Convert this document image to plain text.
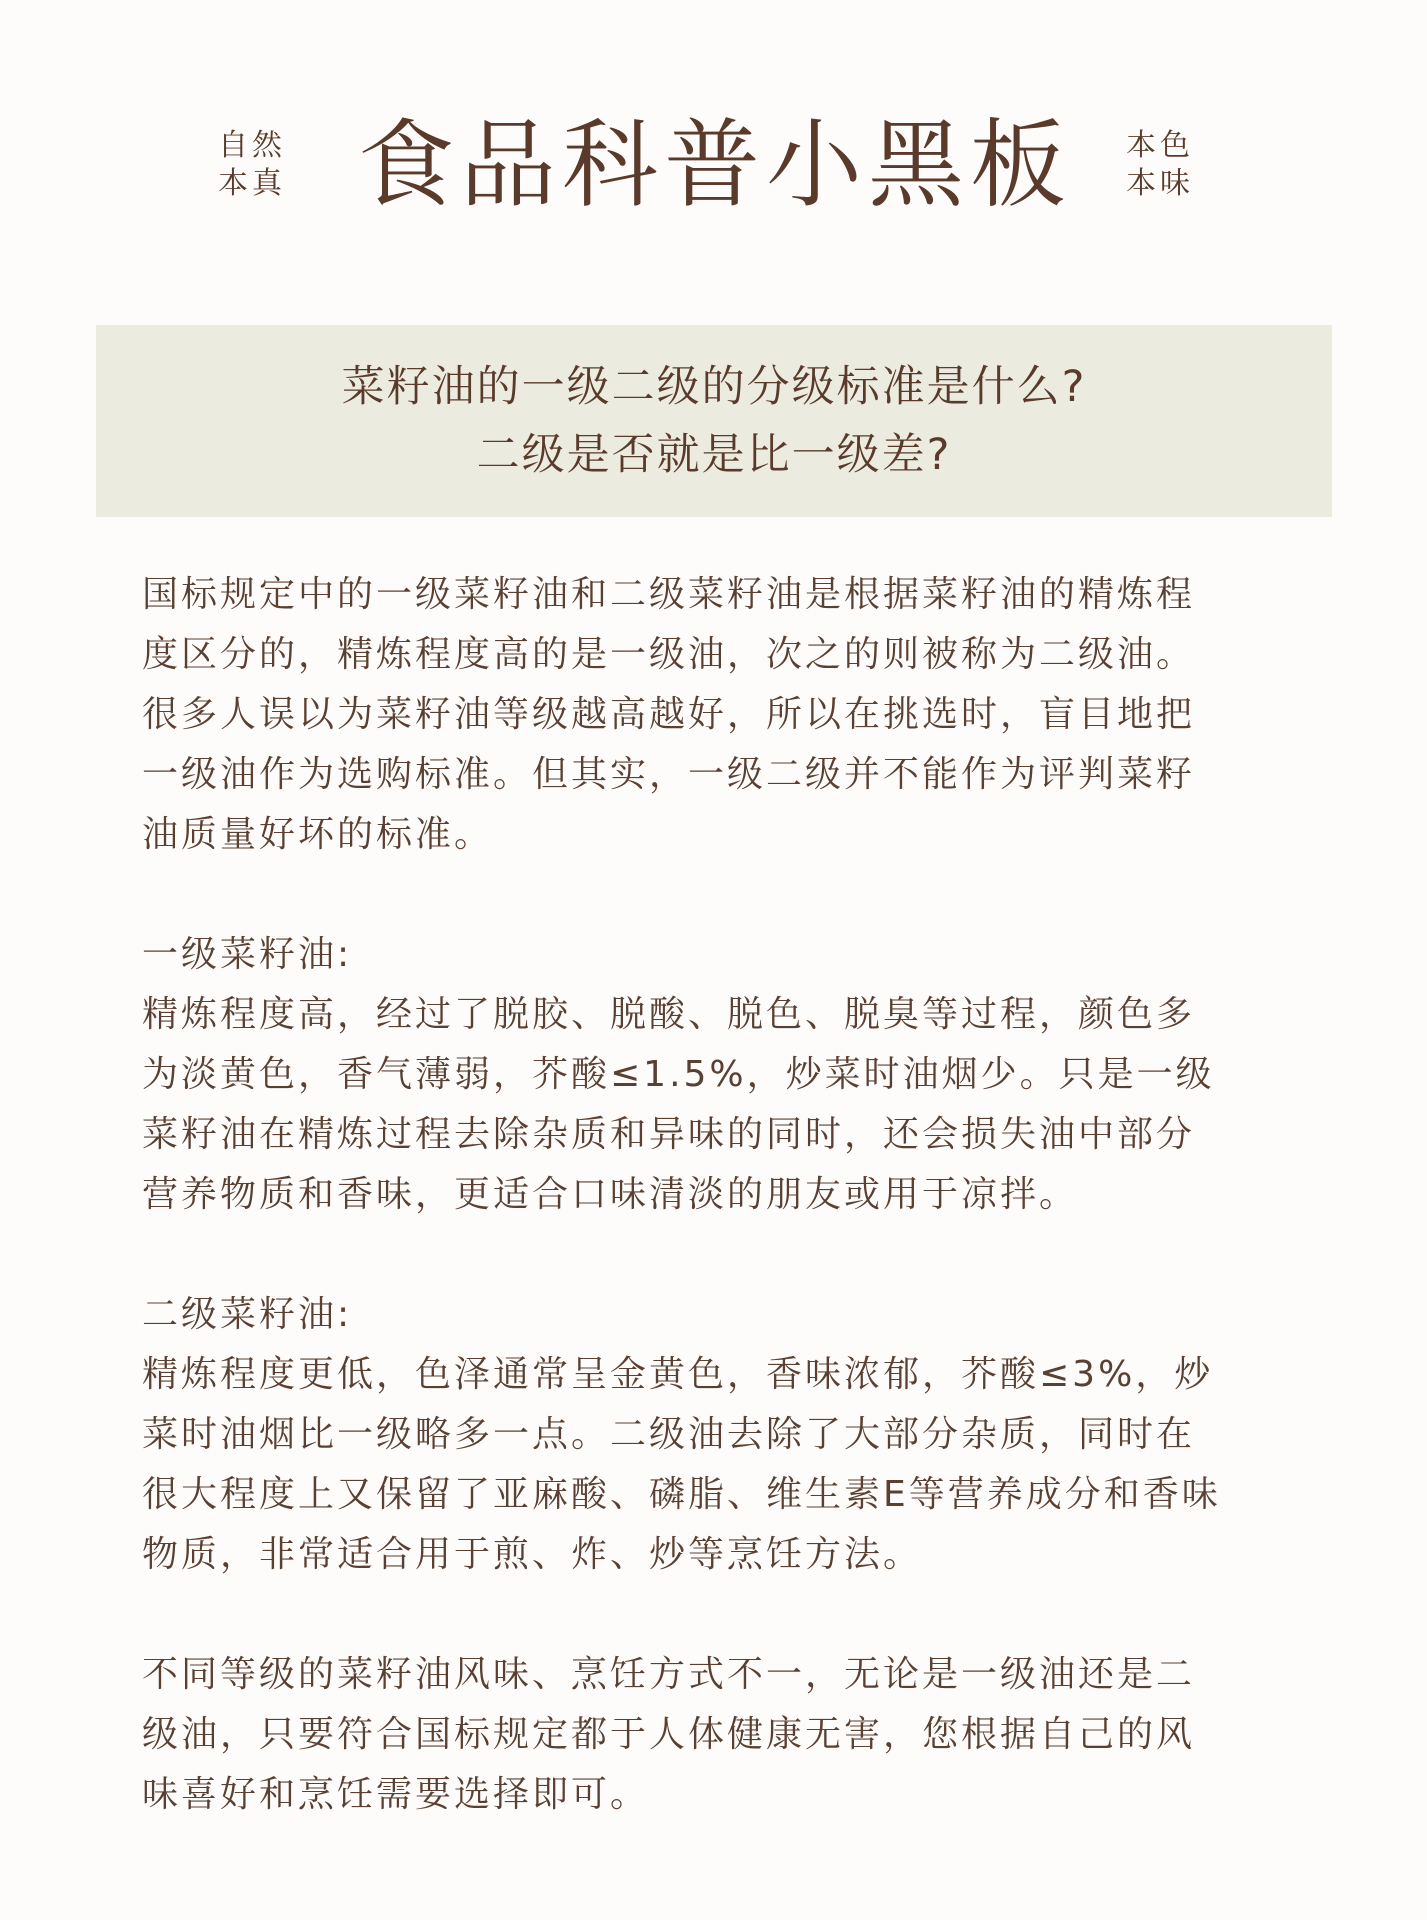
自然
本真 食品科普小黑板 本色
本味
菜籽油的一级二级的分级标准是什么?
二级是否就是比一级差?
国标规定中的一级菜籽油和二级菜籽油是根据菜籽油的精炼程
度区分的，精炼程度高的是一级油，次之的则被称为二级油。
很多人误以为菜籽油等级越高越好，所以在挑选时，盲目地把
一级油作为选购标准。但其实，一级二级并不能作为评判菜籽
油质量好坏的标准。
一级菜籽油:
精炼程度高，经过了脱胶、脱酸、脱色、脱臭等过程，颜色多
为淡黄色，香气薄弱，芥酸≤1.5%，炒菜时油烟少。只是一级
菜籽油在精炼过程去除杂质和异味的同时，还会损失油中部分
营养物质和香味，更适合口味清淡的朋友或用于凉拌。
二级菜籽油:
精炼程度更低，色泽通常呈金黄色，香味浓郁，芥酸≤3%，炒
菜时油烟比一级略多一点。二级油去除了大部分杂质，同时在
很大程度上又保留了亚麻酸、磷脂、维生素E等营养成分和香味
物质，非常适合用于煎、炸、炒等烹饪方法。
不同等级的菜籽油风味、烹饪方式不一，无论是一级油还是二
级油，只要符合国标规定都于人体健康无害，您根据自己的风
味喜好和烹饪需要选择即可。
